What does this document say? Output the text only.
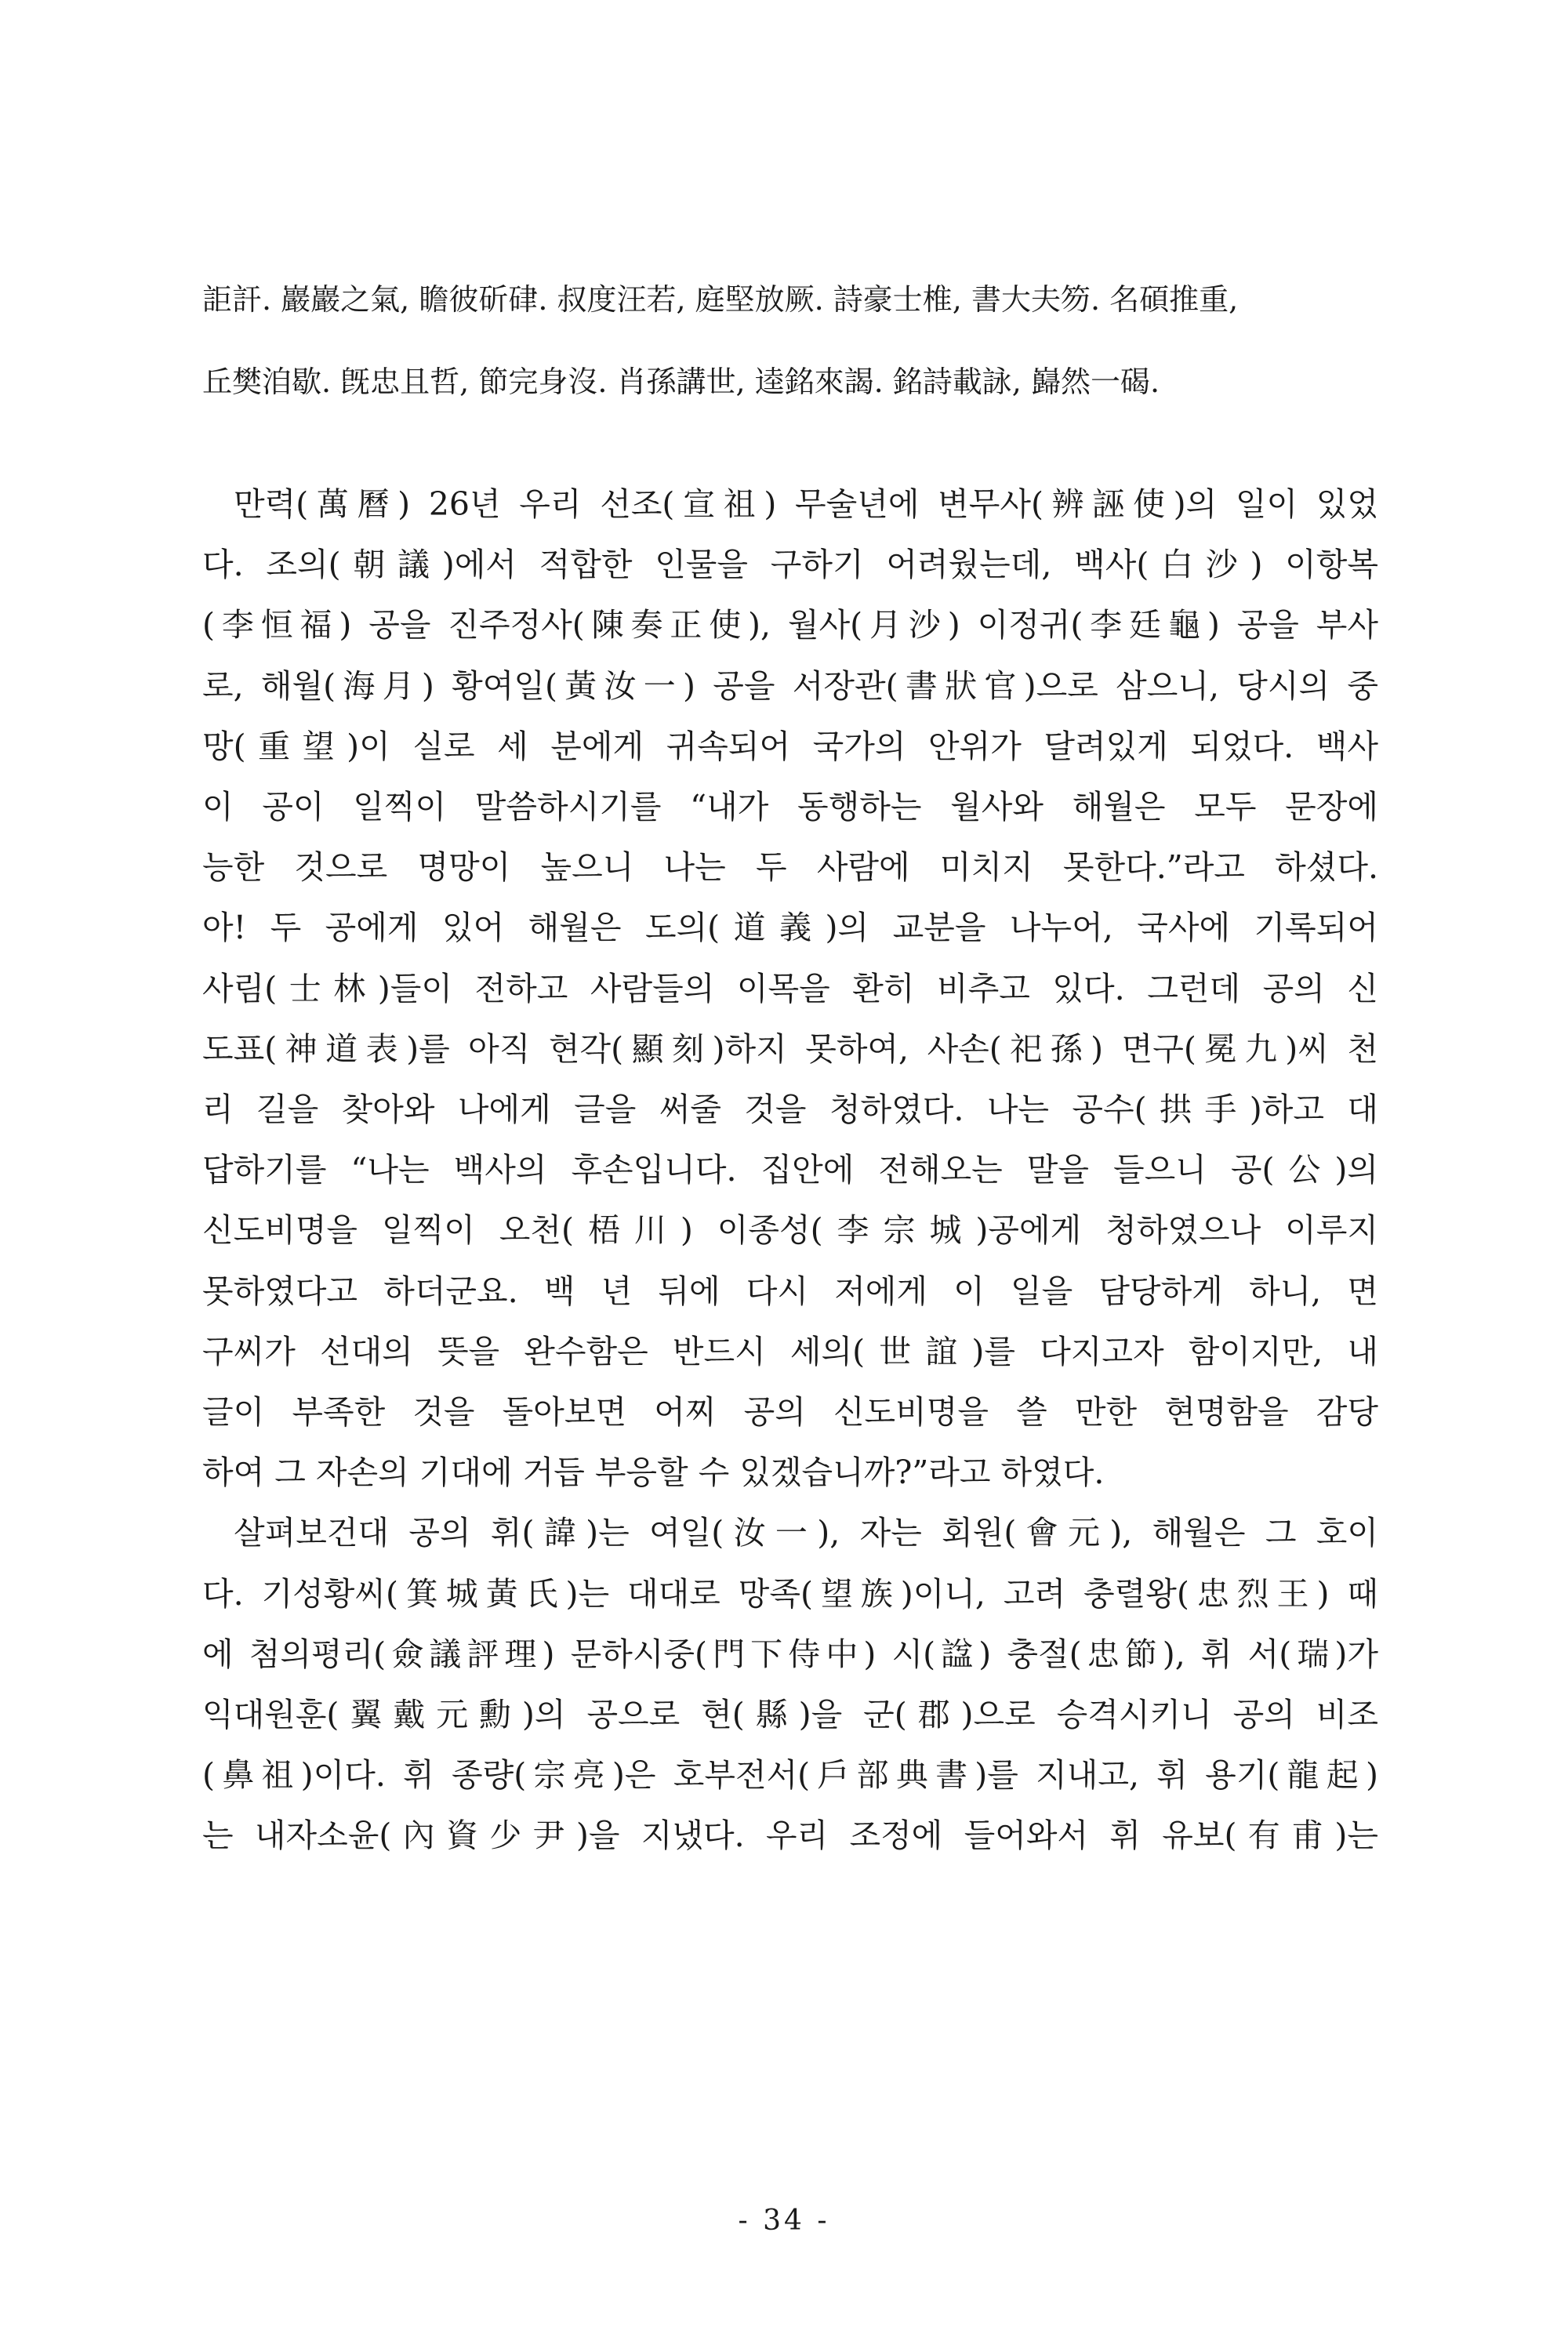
詎訐. 巖巖之氣, 瞻彼斫硉. 叔度汪若, 庭堅放厥. 詩豪士椎, 書大夫笏. 名碩推重,
丘樊洎歇. 旣忠且哲, 節完身沒. 肖孫講世, 逵銘來謁. 銘詩載詠, 巋然一碣.
만력(萬曆) 26년 우리 선조(宣祖) 무술년에 변무사(辨誣使)의 일이 있었
다. 조의(朝議)에서 적합한 인물을 구하기 어려웠는데, 백사(白沙) 이항복
(李恒福) 공을 진주정사(陳奏正使), 월사(月沙) 이정귀(李廷龜) 공을 부사
로, 해월(海月) 황여일(黃汝一) 공을 서장관(書狀官)으로 삼으니, 당시의 중
망(重望)이 실로 세 분에게 귀속되어 국가의 안위가 달려있게 되었다. 백사
이 공이 일찍이 말씀하시기를 “내가 동행하는 월사와 해월은 모두 문장에
능한 것으로 명망이 높으니 나는 두 사람에 미치지 못한다.”라고 하셨다.
아! 두 공에게 있어 해월은 도의(道義)의 교분을 나누어, 국사에 기록되어
사림(士林)들이 전하고 사람들의 이목을 환히 비추고 있다. 그런데 공의 신
도표(神道表)를 아직 현각(顯刻)하지 못하여, 사손(祀孫) 면구(冕九)씨 천
리 길을 찾아와 나에게 글을 써줄 것을 청하였다. 나는 공수(拱手)하고 대
답하기를 “나는 백사의 후손입니다. 집안에 전해오는 말을 들으니 공(公)의
신도비명을 일찍이 오천(梧川) 이종성(李宗城)공에게 청하였으나 이루지
못하였다고 하더군요. 백 년 뒤에 다시 저에게 이 일을 담당하게 하니, 면
구씨가 선대의 뜻을 완수함은 반드시 세의(世誼)를 다지고자 함이지만, 내
글이 부족한 것을 돌아보면 어찌 공의 신도비명을 쓸 만한 현명함을 감당
하여 그 자손의 기대에 거듭 부응할 수 있겠습니까?”라고 하였다.
살펴보건대 공의 휘(諱)는 여일(汝一), 자는 회원(會元), 해월은 그 호이
다. 기성황씨(箕城黃氏)는 대대로 망족(望族)이니, 고려 충렬왕(忠烈王) 때
에 첨의평리(僉議評理) 문하시중(門下侍中) 시(諡) 충절(忠節), 휘 서(瑞)가
익대원훈(翼戴元勳)의 공으로 현(縣)을 군(郡)으로 승격시키니 공의 비조
(鼻祖)이다. 휘 종량(宗亮)은 호부전서(戶部典書)를 지내고, 휘 용기(龍起)
는 내자소윤(內資少尹)을 지냈다. 우리 조정에 들어와서 휘 유보(有甫)는
- 34 -
